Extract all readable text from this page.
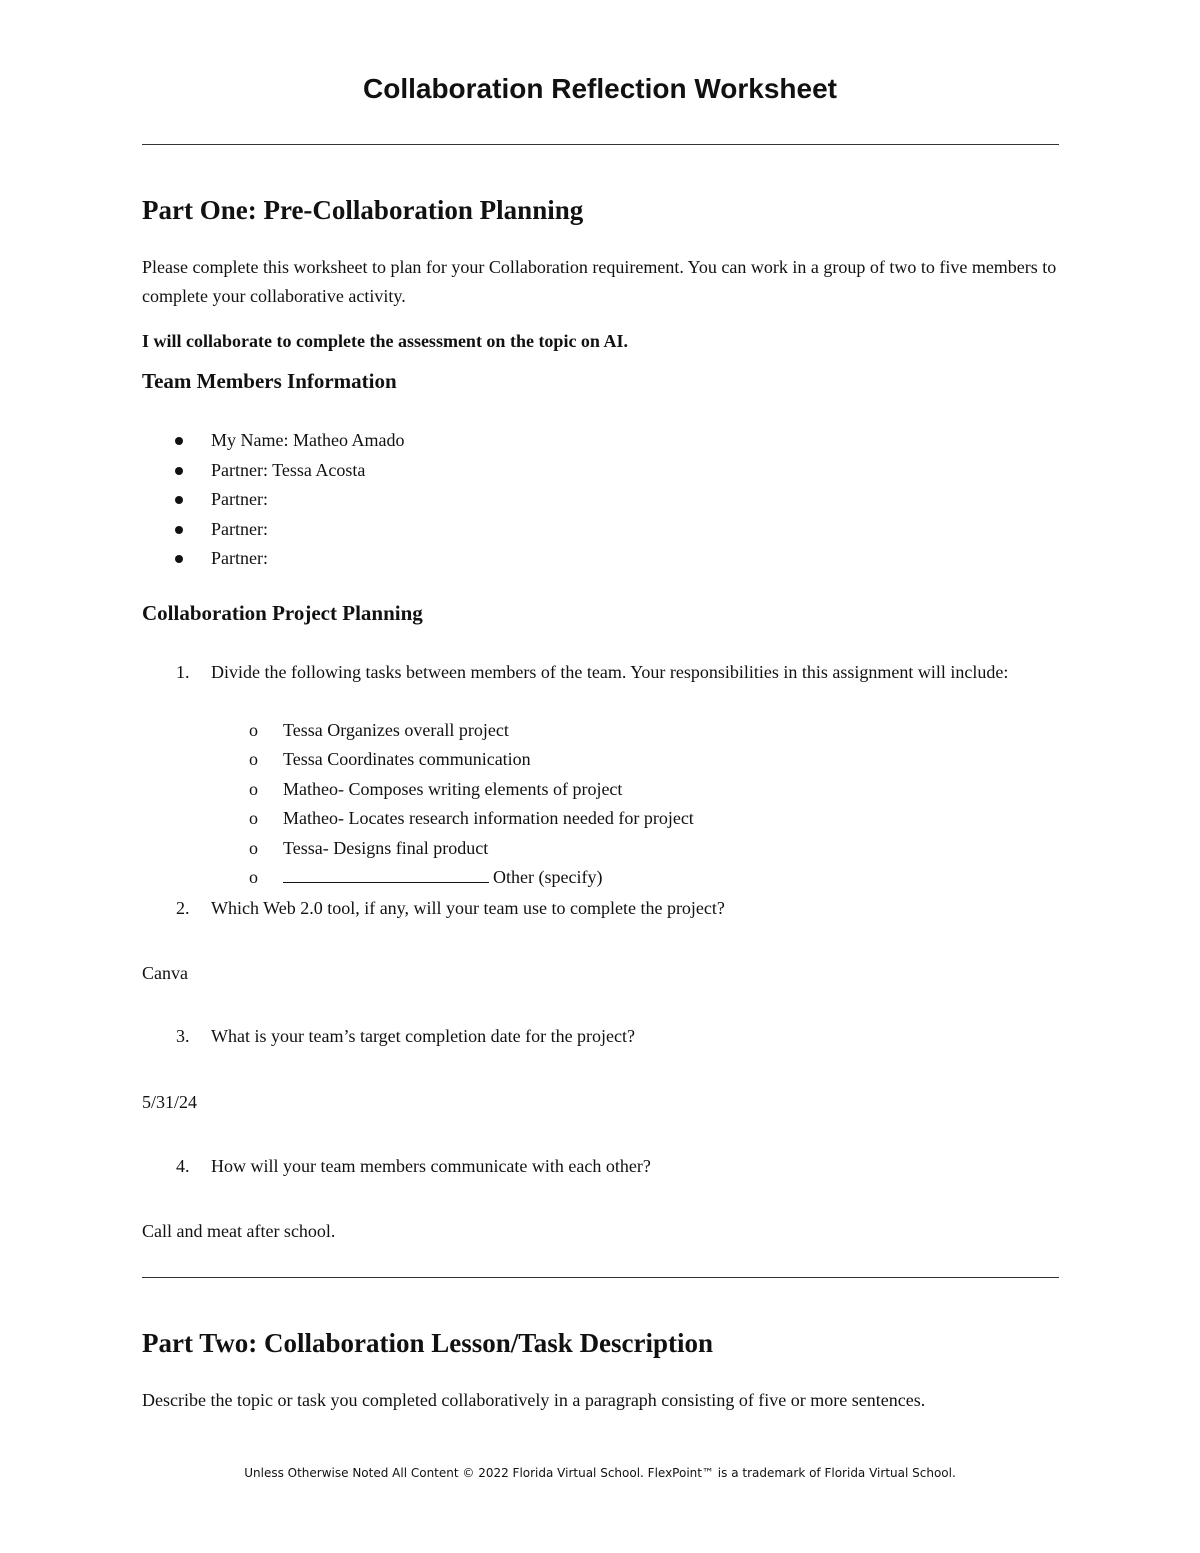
Collaboration Reflection Worksheet
Part One: Pre-Collaboration Planning

Please complete this worksheet to plan for your Collaboration requirement. You can work in a group of two to five members to complete your collaborative activity.

I will collaborate to complete the assessment on the topic on AI.

Team Members Information
My Name: Matheo Amado
Partner: Tessa Acosta
Partner:
Partner:
Partner:
Collaboration Project Planning
1.	Divide the following tasks between members of the team. Your responsibilities in this assignment will include:
o Tessa Organizes overall project
o Tessa Coordinates communication
o Matheo- Composes writing elements of project
o Matheo- Locates research information needed for project
o Tessa- Designs final product
o	Other (specify)
2.	Which Web 2.0 tool, if any, will your team use to complete the project?

Canva

3.	What is your team’s target completion date for the project?

5/31/24

4.	How will your team members communicate with each other?

Call and meat after school.

Part Two: Collaboration Lesson/Task Description

Describe the topic or task you completed collaboratively in a paragraph consisting of five or more sentences.

Unless Otherwise Noted All Content © 2022 Florida Virtual School. FlexPoint™ is a trademark of Florida Virtual School.
